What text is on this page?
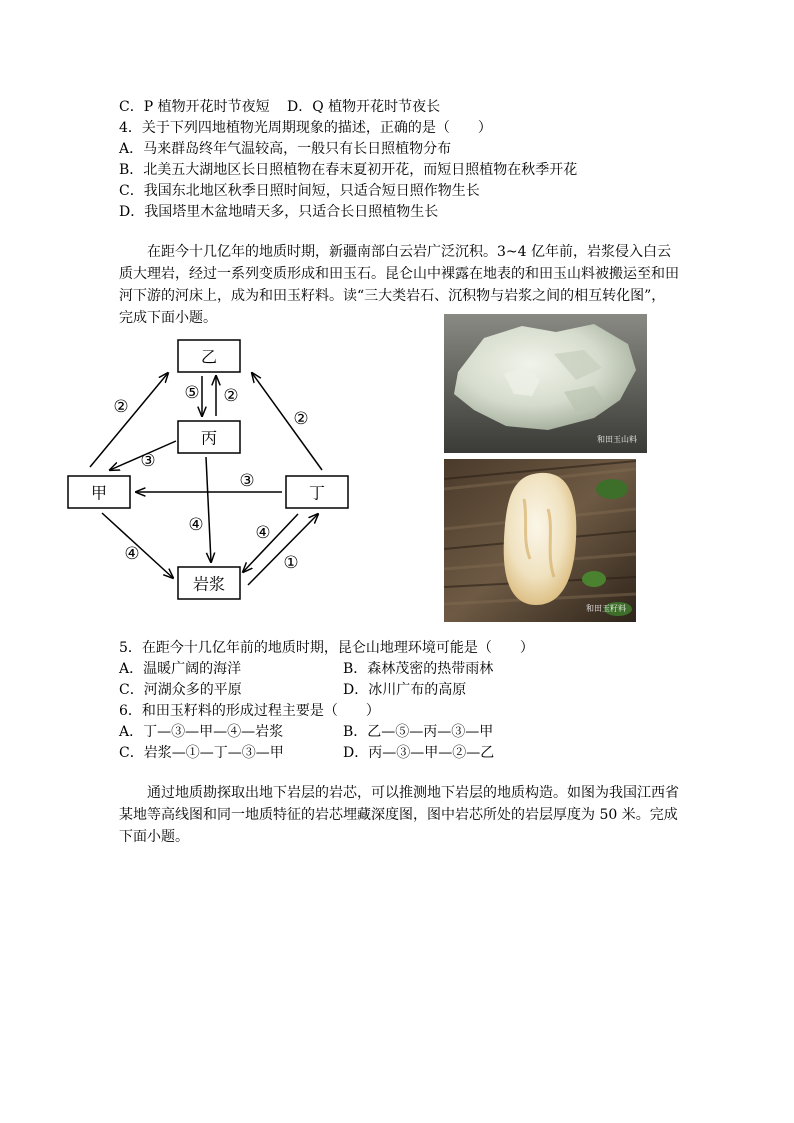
C．P 植物开花时节夜短 D．Q 植物开花时节夜长
4．关于下列四地植物光周期现象的描述，正确的是（　　）
A．马来群岛终年气温较高，一般只有长日照植物分布
B．北美五大湖地区长日照植物在春末夏初开花，而短日照植物在秋季开花
C．我国东北地区秋季日照时间短，只适合短日照作物生长
D．我国塔里木盆地晴天多，只适合长日照植物生长
在距今十几亿年的地质时期，新疆南部白云岩广泛沉积。3~4 亿年前，岩浆侵入白云质大理岩，经过一系列变质形成和田玉石。昆仑山中裸露在地表的和田玉山料被搬运至和田河下游的河床上，成为和田玉籽料。读“三大类岩石、沉积物与岩浆之间的相互转化图”，完成下面小题。
乙
丙
甲	丁
岩浆
②
⑤ ②
②
③
③
④
④
④
①
和田玉山料
和田玉籽料
5．在距今十几亿年前的地质时期，昆仑山地理环境可能是（　　）
A．温暖广阔的海洋	B．森林茂密的热带雨林
C．河湖众多的平原	D．冰川广布的高原
6．和田玉籽料的形成过程主要是（　　）
A．丁—③—甲—④—岩浆	B．乙—⑤—丙—③—甲
C．岩浆—①—丁—③—甲	D．丙—③—甲—②—乙
通过地质勘探取出地下岩层的岩芯，可以推测地下岩层的地质构造。如图为我国江西省某地等高线图和同一地质特征的岩芯埋藏深度图，图中岩芯所处的岩层厚度为 50 米。完成下面小题。
